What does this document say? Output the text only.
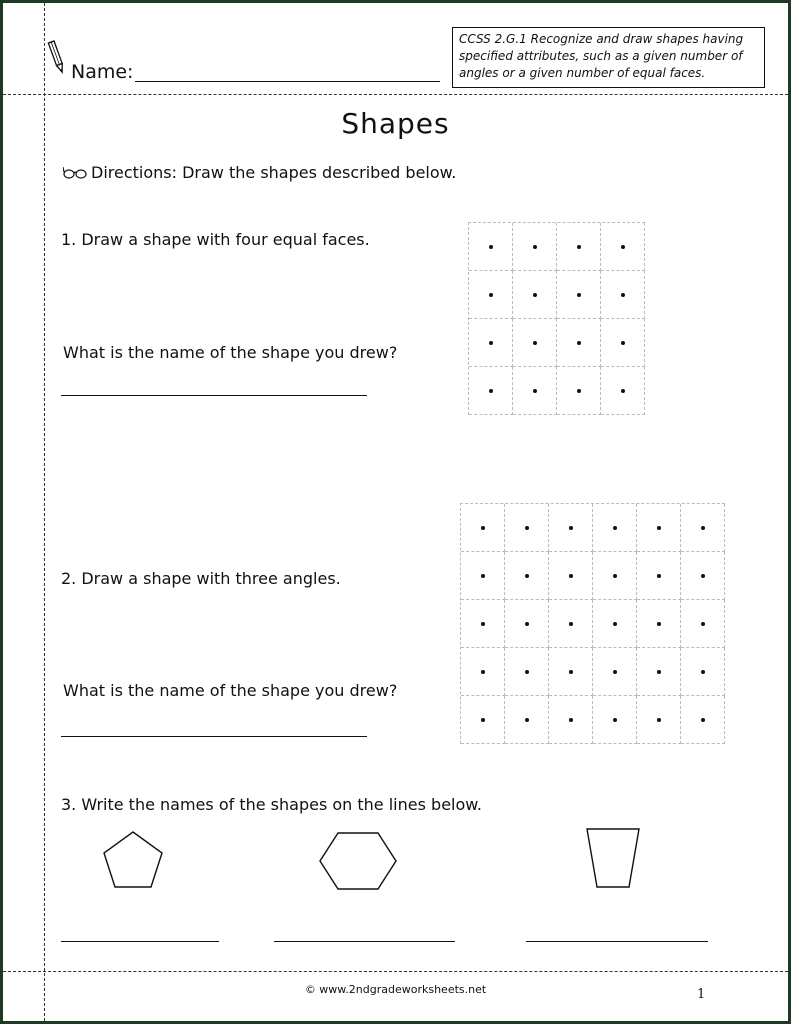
Name:
CCSS 2.G.1 Recognize and draw shapes having specified attributes, such as a given number of angles or a given number of equal faces.
Shapes
Directions: Draw the shapes described below.
1. Draw a shape with four equal faces.
What is the name of the shape you drew?
2. Draw a shape with three angles.
What is the name of the shape you drew?
3. Write the names of the shapes on the lines below.
© www.2ndgradeworksheets.net	1
